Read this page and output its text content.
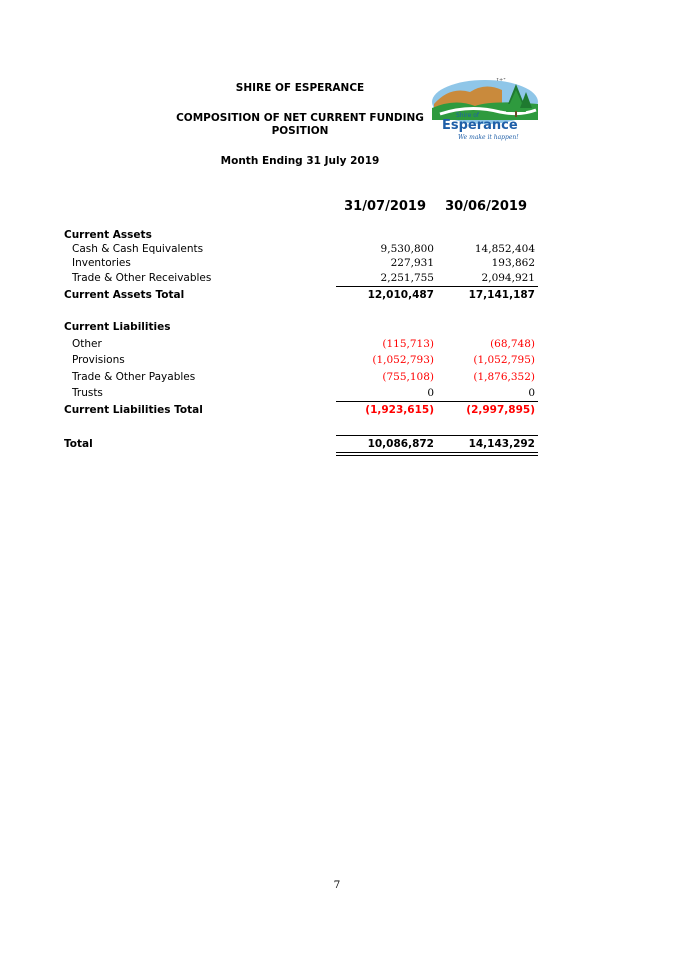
SHIRE OF ESPERANCE
COMPOSITION OF NET CURRENT FUNDING
POSITION
Month Ending 31 July 2019
Y+*
Shire of
Esperance
We make it happen!
31/07/2019	30/06/2019
Current Assets
Cash & Cash Equivalents	9,530,800	14,852,404
Inventories	227,931	193,862
Trade & Other Receivables	2,251,755	2,094,921
Current Assets Total	12,010,487	17,141,187
Current Liabilities
Other	(115,713)	(68,748)
Provisions	(1,052,793)	(1,052,795)
Trade & Other Payables	(755,108)	(1,876,352)
Trusts	0	0
Current Liabilities Total	(1,923,615)	(2,997,895)
Total	10,086,872	14,143,292
7
